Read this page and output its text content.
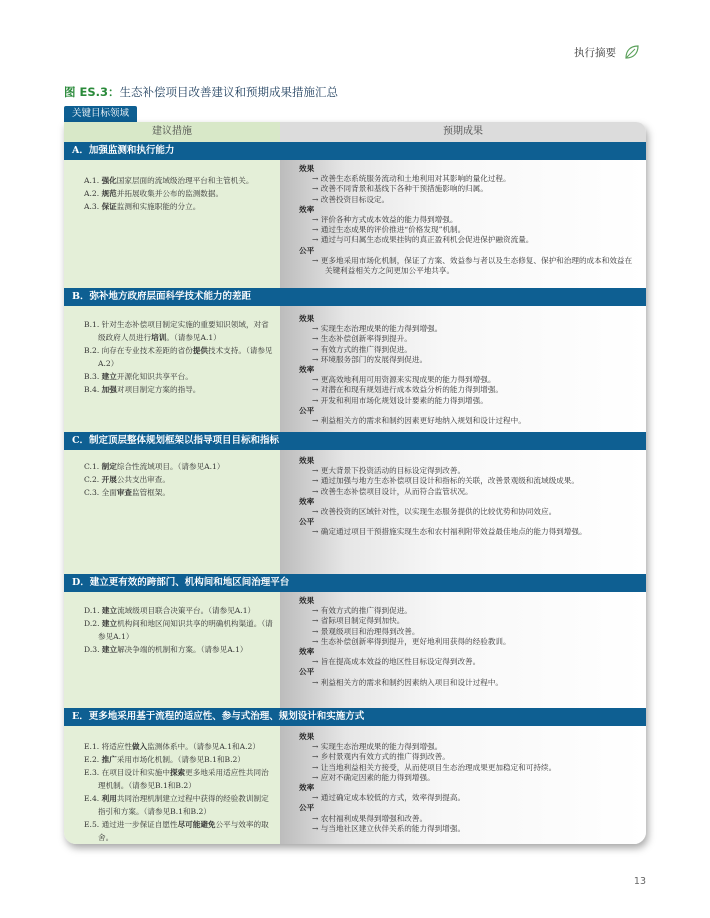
执行摘要
图 ES.3：生态补偿项目改善建议和预期成果措施汇总
关键目标领域
建议措施	预期成果
A．加强监测和执行能力
A.1. 强化国家层面的流域级治理平台和主管机关。
A.2. 规范并拓展收集并公布的监测数据。
A.3. 保证监测和实施职能的分立。
效果
→ 改善生态系统服务流动和土地利用对其影响的量化过程。
→ 改善不同背景和基线下各种干预措施影响的归属。
→ 改善投资目标设定。
效率
→ 评价各种方式成本效益的能力得到增强。
→ 通过生态成果的评价推进“价格发现”机制。
→ 通过与可归属生态成果挂钩的真正盈利机会促进保护融资流量。
公平
→ 更多地采用市场化机制，保证了方案、效益参与者以及生态修复、保护和治理的成本和效益在关键利益相关方之间更加公平地共享。
B．弥补地方政府层面科学技术能力的差距
B.1. 针对生态补偿项目制定实施的重要知识领域，对省级政府人员进行培训。（请参见A.1）
B.2. 向存在专业技术差距的省份提供技术支持。（请参见A.2）
B.3. 建立开源化知识共享平台。
B.4. 加强对项目制定方案的指导。
效果
→ 实现生态治理成果的能力得到增强。
→ 生态补偿创新率得到提升。
→ 有效方式的推广得到促进。
→ 环境服务部门的发展得到促进。
效率
→ 更高效地利用可用资源来实现成果的能力得到增强。
→ 对潜在和现有规划进行成本效益分析的能力得到增强。
→ 开发和利用市场化规划设计要素的能力得到增强。
公平
→ 利益相关方的需求和制约因素更好地纳入规划和设计过程中。
C．制定顶层整体规划框架以指导项目目标和指标
C.1. 制定综合性流域项目。（请参见A.1）
C.2. 开展公共支出审查。
C.3. 全面审查监管框架。
效果
→ 更大背景下投资活动的目标设定得到改善。
→ 通过加强与地方生态补偿项目设计和指标的关联，改善景观级和流域级成果。
→ 改善生态补偿项目设计，从而符合监管状况。
效率
→ 改善投资的区域针对性，以实现生态服务提供的比较优势和协同效应。
公平
→ 确定通过项目干预措施实现生态和农村福利附带效益最佳地点的能力得到增强。
D．建立更有效的跨部门、机构间和地区间治理平台
D.1. 建立流域级项目联合决策平台。（请参见A.1）
D.2. 建立机构间和地区间知识共享的明确机构渠道。（请参见A.1）
D.3. 建立解决争端的机制和方案。（请参见A.1）
效果
→ 有效方式的推广得到促进。
→ 省际项目制定得到加快。
→ 景观级项目和治理得到改善。
→ 生态补偿创新率得到提升，更好地利用获得的经验教训。
效率
→ 旨在提高成本效益的地区性目标设定得到改善。
公平
→ 利益相关方的需求和制约因素纳入项目和设计过程中。
E．更多地采用基于流程的适应性、参与式治理、规划设计和实施方式
E.1. 将适应性做入监测体系中。（请参见A.1和A.2）
E.2. 推广采用市场化机制。（请参见B.1和B.2）
E.3. 在项目设计和实施中探索更多地采用适应性共同治理机制。（请参见B.1和B.2）
E.4. 利用共同治理机制建立过程中获得的经验教训制定指引和方案。（请参见B.1和B.2）
E.5. 通过进一步保证自愿性尽可能避免公平与效率的取舍。
效果
→ 实现生态治理成果的能力得到增强。
→ 乡村景观内有效方式的推广得到改善。
→ 让当地利益相关方接受，从而使项目生态治理成果更加稳定和可持续。
→ 应对不确定因素的能力得到增强。
效率
→ 通过确定成本较低的方式，效率得到提高。
公平
→ 农村福利成果得到增强和改善。
→ 与当地社区建立伙伴关系的能力得到增强。
13
